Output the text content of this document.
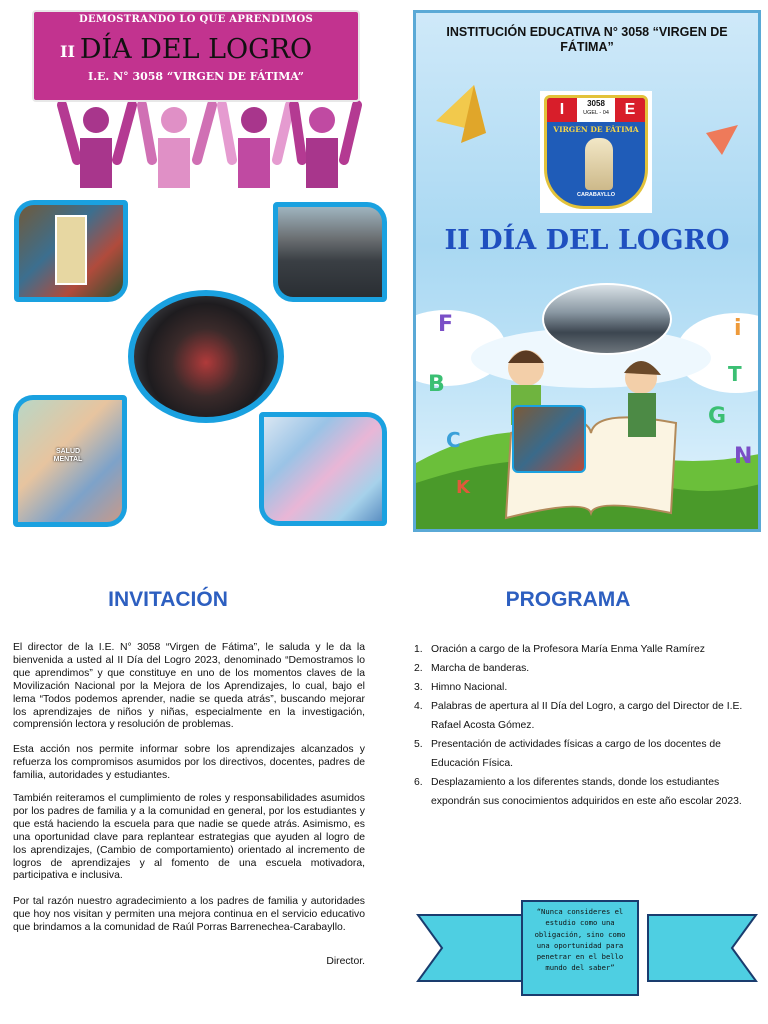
DEMOSTRANDO LO QUE APRENDIMOS
II DÍA DEL LOGRO
I.E. N° 3058 “VIRGEN DE FÁTIMA”
SALUD MENTAL
F
B
C
K
i
T
G
N
INSTITUCIÓN EDUCATIVA N° 3058 “VIRGEN DE FÁTIMA”
I	3058
UGEL - 04 E
VIRGEN DE FÁTIMA
CARABAYLLO
II DÍA DEL LOGRO
INVITACIÓN
El director de la I.E. N° 3058 “Virgen de Fátima”, le saluda y le da la bienvenida a usted al II Día del Logro 2023, denominado “Demostramos lo que aprendimos” y que constituye en uno de los momentos claves de la Movilización Nacional por la Mejora de los Aprendizajes, lo cual, bajo el lema “Todos podemos aprender, nadie se queda atrás”, buscando mejorar los aprendizajes de niños y niñas, especialmente en la investigación, comprensión lectora y resolución de problemas.
Esta acción nos permite informar sobre los aprendizajes alcanzados y refuerza los compromisos asumidos por los directivos, docentes, padres de familia, autoridades y estudiantes.
También reiteramos el cumplimiento de roles y responsabilidades asumidos por los padres de familia y a la comunidad en general, por los estudiantes y que está haciendo la escuela para que nadie se quede atrás. Asimismo, es una oportunidad clave para replantear estrategias que ayuden al logro de los aprendizajes, (Cambio de comportamiento) orientado al incremento de logros de aprendizajes y al fomento de una escuela motivadora, participativa e inclusiva.
Por tal razón nuestro agradecimiento a los padres de familia y autoridades que hoy nos visitan y permiten una mejora continua en el servicio educativo que brindamos a la comunidad de Raúl Porras Barrenechea-Carabayllo.
Director.
PROGRAMA
1. Oración a cargo de la Profesora María Enma Yalle Ramírez
2. Marcha de banderas.
3. Himno Nacional.
4. Palabras de apertura al II Día del Logro, a cargo del Director de I.E. Rafael Acosta Gómez.
5. Presentación de actividades físicas a cargo de los docentes de Educación Física.
6. Desplazamiento a los diferentes stands, donde los estudiantes expondrán sus conocimientos adquiridos en este año escolar 2023.
“Nunca consideres el
estudio como una
obligación, sino como
una oportunidad para
penetrar en el bello
mundo del saber”
